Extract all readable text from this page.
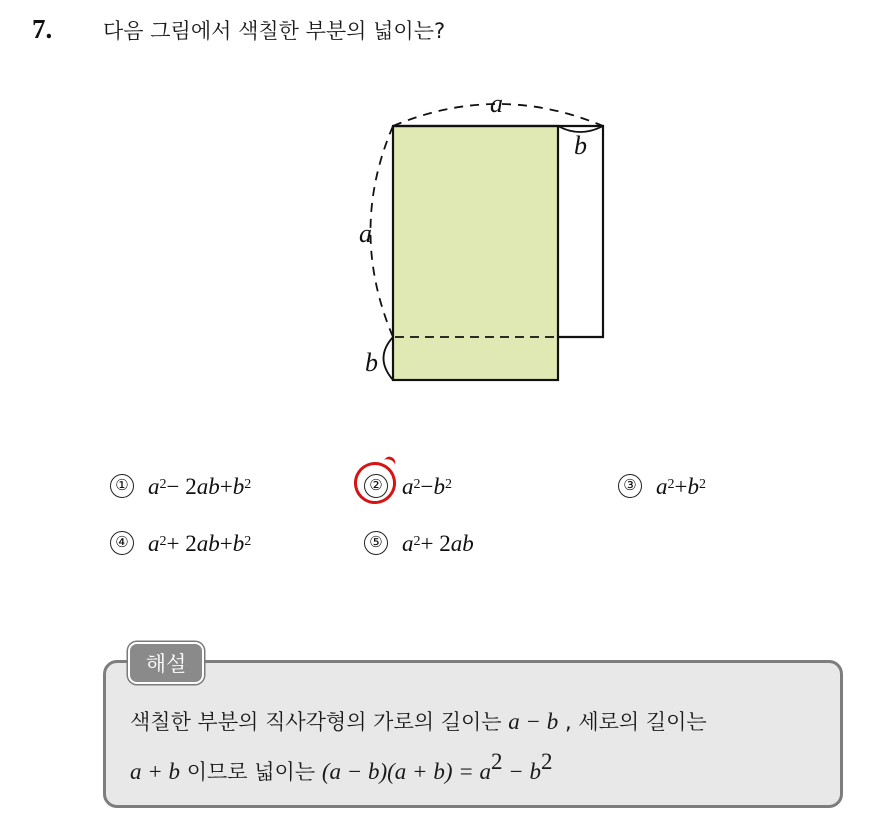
7. 다음 그림에서 색칠한 부분의 넓이는?
a
a
b
b
① $a^2 - 2$ ab + $b^2$	② $a^2 - b^2$	③ $a^2 + b^2$
④ $a^2 + 2$ ab + $b^2$	⑤ $a^2 + 2$ ab
해설
색칠한 부분의 직사각형의 가로의 길이는 a − b , 세로의 길이는
a + b 이므로 넓이는 $(a - b)(a + b) = a^2 - b^2$
